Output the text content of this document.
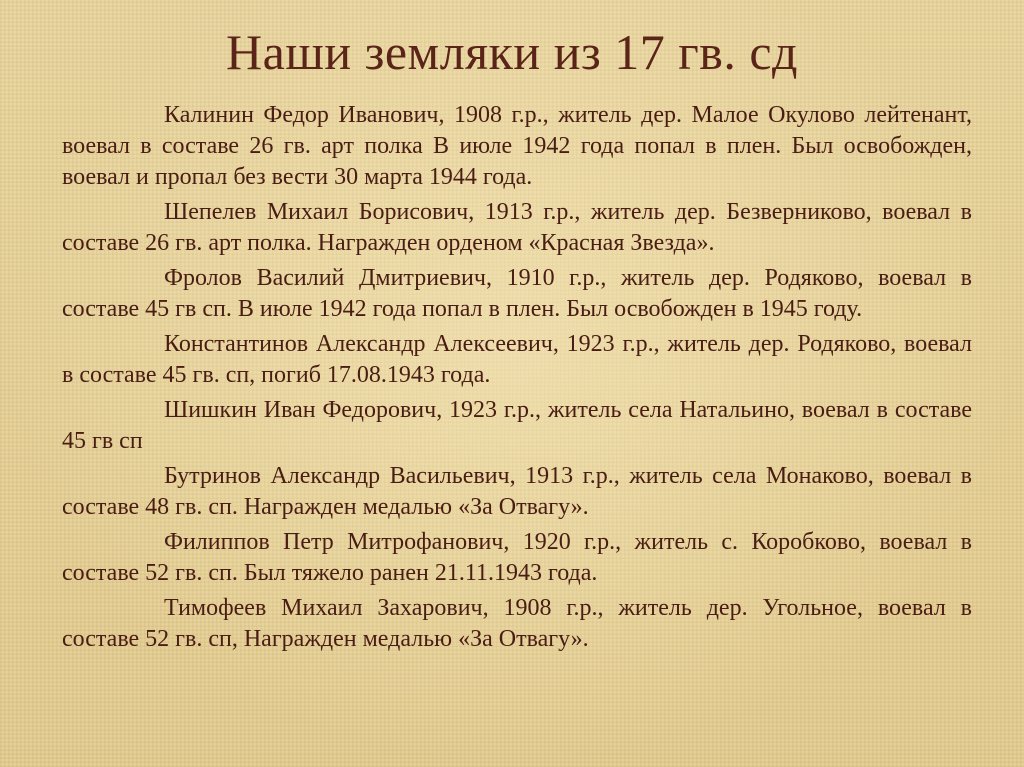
Наши земляки из 17 гв. сд

Калинин Федор Иванович, 1908 г.р., житель дер. Малое Окулово лейтенант, воевал в составе 26 гв. арт полка В июле 1942 года попал в плен. Был освобожден, воевал и пропал без вести 30 марта 1944 года.

Шепелев Михаил Борисович, 1913 г.р., житель дер. Безверниково, воевал в составе 26 гв. арт полка. Награжден орденом «Красная Звезда».

Фролов Василий Дмитриевич, 1910 г.р., житель дер. Родяково, воевал в составе 45 гв сп. В июле 1942 года попал в плен. Был освобожден в 1945 году.

Константинов Александр Алексеевич, 1923 г.р., житель дер. Родяково, воевал в составе 45 гв. сп, погиб 17.08.1943 года.

Шишкин Иван Федорович, 1923 г.р., житель села Натальино, воевал в составе 45 гв сп

Бутринов Александр Васильевич, 1913 г.р., житель села Монаково, воевал в составе 48 гв. сп. Награжден медалью «За Отвагу».

Филиппов Петр Митрофанович, 1920 г.р., житель с. Коробково, воевал в составе 52 гв. сп. Был тяжело ранен 21.11.1943 года.

Тимофеев Михаил Захарович, 1908 г.р., житель дер. Угольное, воевал в составе 52 гв. сп, Награжден медалью «За Отвагу».
